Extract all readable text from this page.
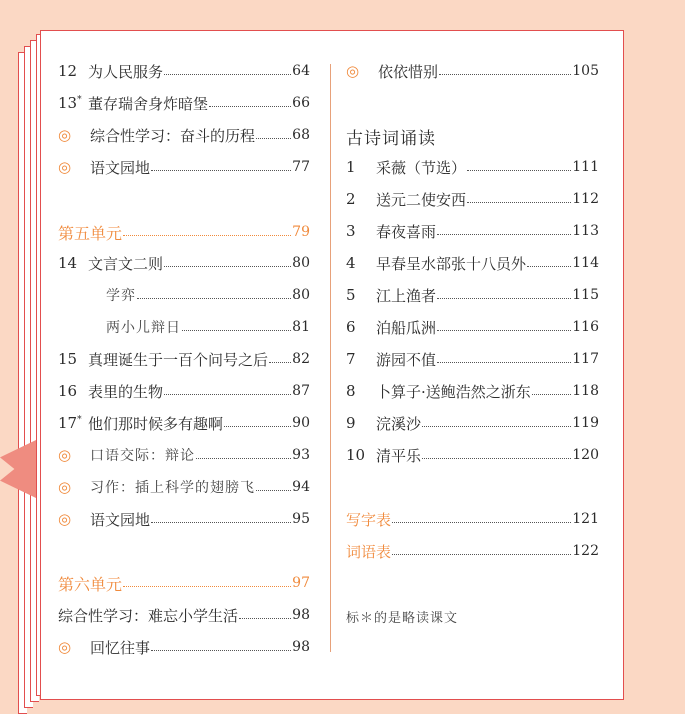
12 为人民服务	64
13* 董存瑞舍身炸暗堡	66
◎	综合性学习：奋斗的历程	68
◎	语文园地	77
第五单元	79
14 文言文二则	80
学弈	80
两小儿辩日	81
15 真理诞生于一百个问号之后 82
16 表里的生物	87
17* 他们那时候多有趣啊	90
◎	口语交际：辩论	93
◎	习作：插上科学的翅膀飞	94
◎	语文园地	95
第六单元	97
综合性学习：难忘小学生活	98
◎	回忆往事	98
◎	依依惜别	105
古诗词诵读
1	采薇（节选）	111
2	送元二使安西	112
3	春夜喜雨	113
4	早春呈水部张十八员外	114
5	江上渔者	115
6	泊船瓜洲	116
7	游园不值	117
8	卜算子·送鲍浩然之浙东	118
9	浣溪沙	119
10 清平乐	120
写字表	121
词语表	122
标＊的是略读课文
